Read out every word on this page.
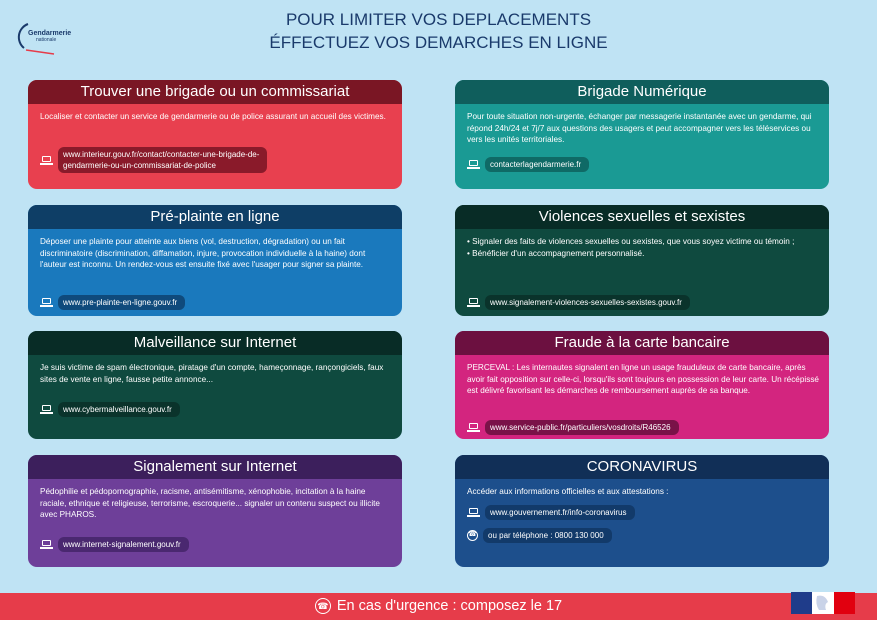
POUR LIMITER VOS DEPLACEMENTS
ÉFFECTUEZ VOS DEMARCHES EN LIGNE
Gendarmerie
nationale
Trouver une brigade ou un commissariat
Localiser et contacter un service de gendarmerie ou de police assurant un accueil des victimes.
www.interieur.gouv.fr/contact/contacter-une-brigade-de-
gendarmerie-ou-un-commissariat-de-police
Brigade Numérique
Pour toute situation non-urgente, échanger par messagerie instantanée avec un gendarme, qui répond 24h/24 et 7j/7 aux questions des usagers et peut accompagner vers les téléservices ou vers les unités territoriales.
contacterlagendarmerie.fr
Pré-plainte en ligne
Déposer une plainte pour atteinte aux biens (vol, destruction, dégradation) ou un fait discriminatoire (discrimination, diffamation, injure, provocation individuelle à la haine) dont l'auteur est inconnu. Un rendez-vous est ensuite fixé avec l'usager pour signer sa plainte.
www.pre-plainte-en-ligne.gouv.fr
Violences sexuelles et sexistes
• Signaler des faits de violences sexuelles ou sexistes, que vous soyez victime ou témoin ;
• Bénéficier d'un accompagnement personnalisé.
www.signalement-violences-sexuelles-sexistes.gouv.fr
Malveillance sur Internet
Je suis victime de spam électronique, piratage d'un compte, hameçonnage, rançongiciels, faux sites de vente en ligne, fausse petite annonce...
www.cybermalveillance.gouv.fr
Fraude à la carte bancaire
PERCEVAL : Les internautes signalent en ligne un usage frauduleux de carte bancaire, après avoir fait opposition sur celle-ci, lorsqu'ils sont toujours en possession de leur carte. Un récépissé est délivré favorisant les démarches de remboursement auprès de sa banque.
www.service-public.fr/particuliers/vosdroits/R46526
Signalement sur Internet
Pédophilie et pédopornographie, racisme, antisémitisme, xénophobie, incitation à la haine raciale, ethnique et religieuse, terrorisme, escroquerie... signaler un contenu suspect ou illicite avec PHAROS.
www.internet-signalement.gouv.fr
CORONAVIRUS
Accéder aux informations officielles et aux attestations :
www.gouvernement.fr/info-coronavirus
☎	ou par téléphone : 0800 130 000
☎ En cas d'urgence : composez le 17
